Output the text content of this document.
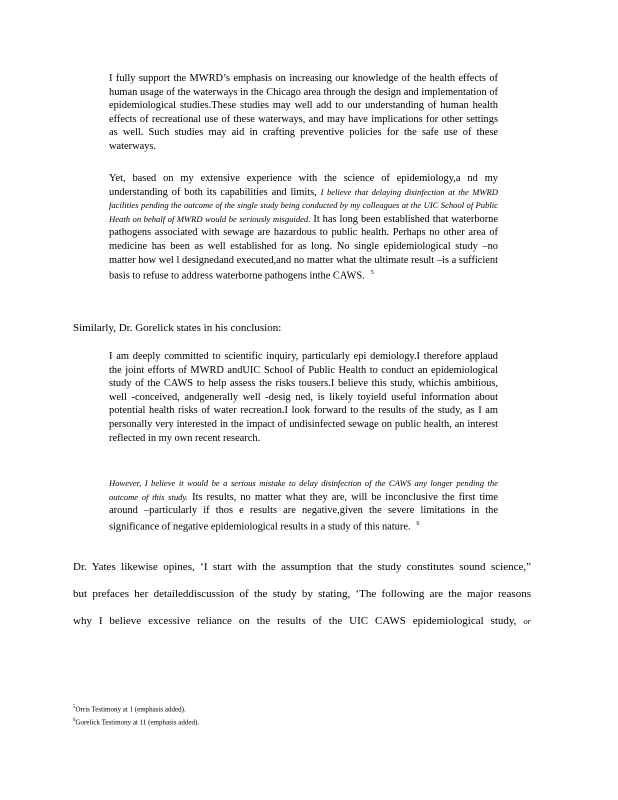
I fully support the MWRD’s emphasis on increasing our knowledge of the health effects of human usage of the waterways in the Chicago area through the design and implementation of epidemiological studies.These studies may well add to our understanding of human health effects of recreational use of these waterways, and may have implications for other settings as well. Such studies may aid in crafting preventive policies for the safe use of these waterways.

Yet, based on my extensive experience with the science of epidemiology,a nd my understanding of both its capabilities and limits, I believe that delaying disinfection at the MWRD facilities pending the outcome of the single study being conducted by my colleagues at the UIC School of Public Heath on behalf of MWRD would be seriously misguided. It has long been established that waterborne pathogens associated with sewage are hazardous to public health. Perhaps no other area of medicine has been as well established for as long. No single epidemiological study –no matter how wel l designedand executed,and no matter what the ultimate result –is a sufficient basis to refuse to address waterborne pathogens inthe CAWS. $^5$

Similarly, Dr. Gorelick states in his conclusion:

I am deeply committed to scientific inquiry, particularly epi demiology.I therefore applaud the joint efforts of MWRD andUIC School of Public Health to conduct an epidemiological study of the CAWS to help assess the risks tousers.I believe this study, whichis ambitious, well -conceived, andgenerally well -desig ned, is likely toyield useful information about potential health risks of water recreation.I look forward to the results of the study, as I am personally very interested in the impact of undisinfected sewage on public health, an interest reflected in my own recent research.

However, I believe it would be a serious mistake to delay disinfection of the CAWS any longer pending the outcome of this study. Its results, no matter what they are, will be inconclusive the first time around –particularly if thos e results are negative,given the severe limitations in the significance of negative epidemiological results in a study of this nature. $^6$

Dr. Yates likewise opines, ‘I start with the assumption that the study constitutes sound science,”

but prefaces her detaileddiscussion of the study by stating, ‘The following are the major reasons

why I believe excessive reliance on the results of the UIC CAWS epidemiological study, or

$^5$Orris Testimony at 1 (emphasis added).

$^6$Gorelick Testimony at 11 (emphasis added).
